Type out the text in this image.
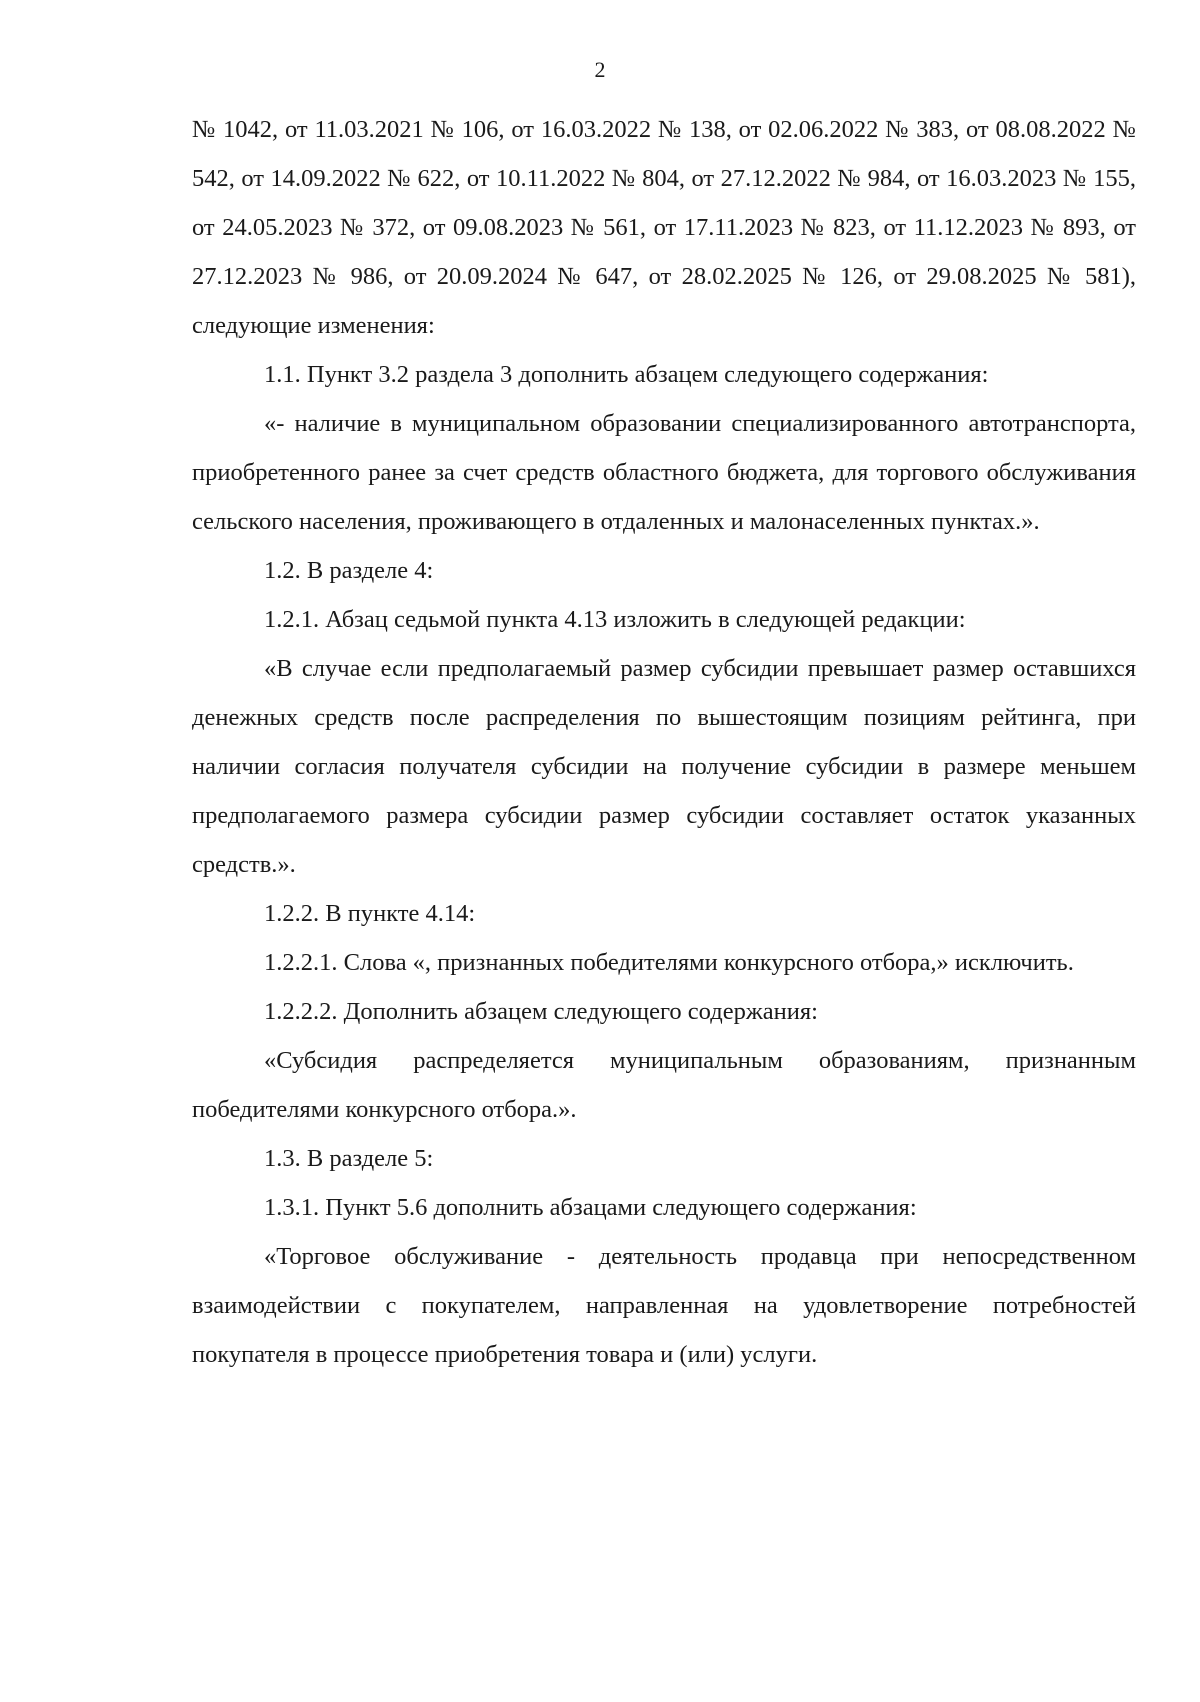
2

№ 1042, от 11.03.2021 № 106, от 16.03.2022 № 138, от 02.06.2022 № 383, от 08.08.2022 № 542, от 14.09.2022 № 622, от 10.11.2022 № 804, от 27.12.2022 № 984, от 16.03.2023 № 155, от 24.05.2023 № 372, от 09.08.2023 № 561, от 17.11.2023 № 823, от 11.12.2023 № 893, от 27.12.2023 № 986, от 20.09.2024 № 647, от 28.02.2025 № 126, от 29.08.2025 № 581), следующие изменения:

1.1. Пункт 3.2 раздела 3 дополнить абзацем следующего содержания:

«- наличие в муниципальном образовании специализированного автотранспорта, приобретенного ранее за счет средств областного бюджета, для торгового обслуживания сельского населения, проживающего в отдаленных и малонаселенных пунктах.».

1.2. В разделе 4:

1.2.1. Абзац седьмой пункта 4.13 изложить в следующей редакции:

«В случае если предполагаемый размер субсидии превышает размер оставшихся денежных средств после распределения по вышестоящим позициям рейтинга, при наличии согласия получателя субсидии на получение субсидии в размере меньшем предполагаемого размера субсидии размер субсидии составляет остаток указанных средств.».

1.2.2. В пункте 4.14:

1.2.2.1. Слова «, признанных победителями конкурсного отбора,» исключить.

1.2.2.2. Дополнить абзацем следующего содержания:

«Субсидия распределяется муниципальным образованиям, признанным победителями конкурсного отбора.».

1.3. В разделе 5:

1.3.1. Пункт 5.6 дополнить абзацами следующего содержания:

«Торговое обслуживание - деятельность продавца при непосредственном взаимодействии с покупателем, направленная на удовлетворение потребностей покупателя в процессе приобретения товара и (или) услуги.
